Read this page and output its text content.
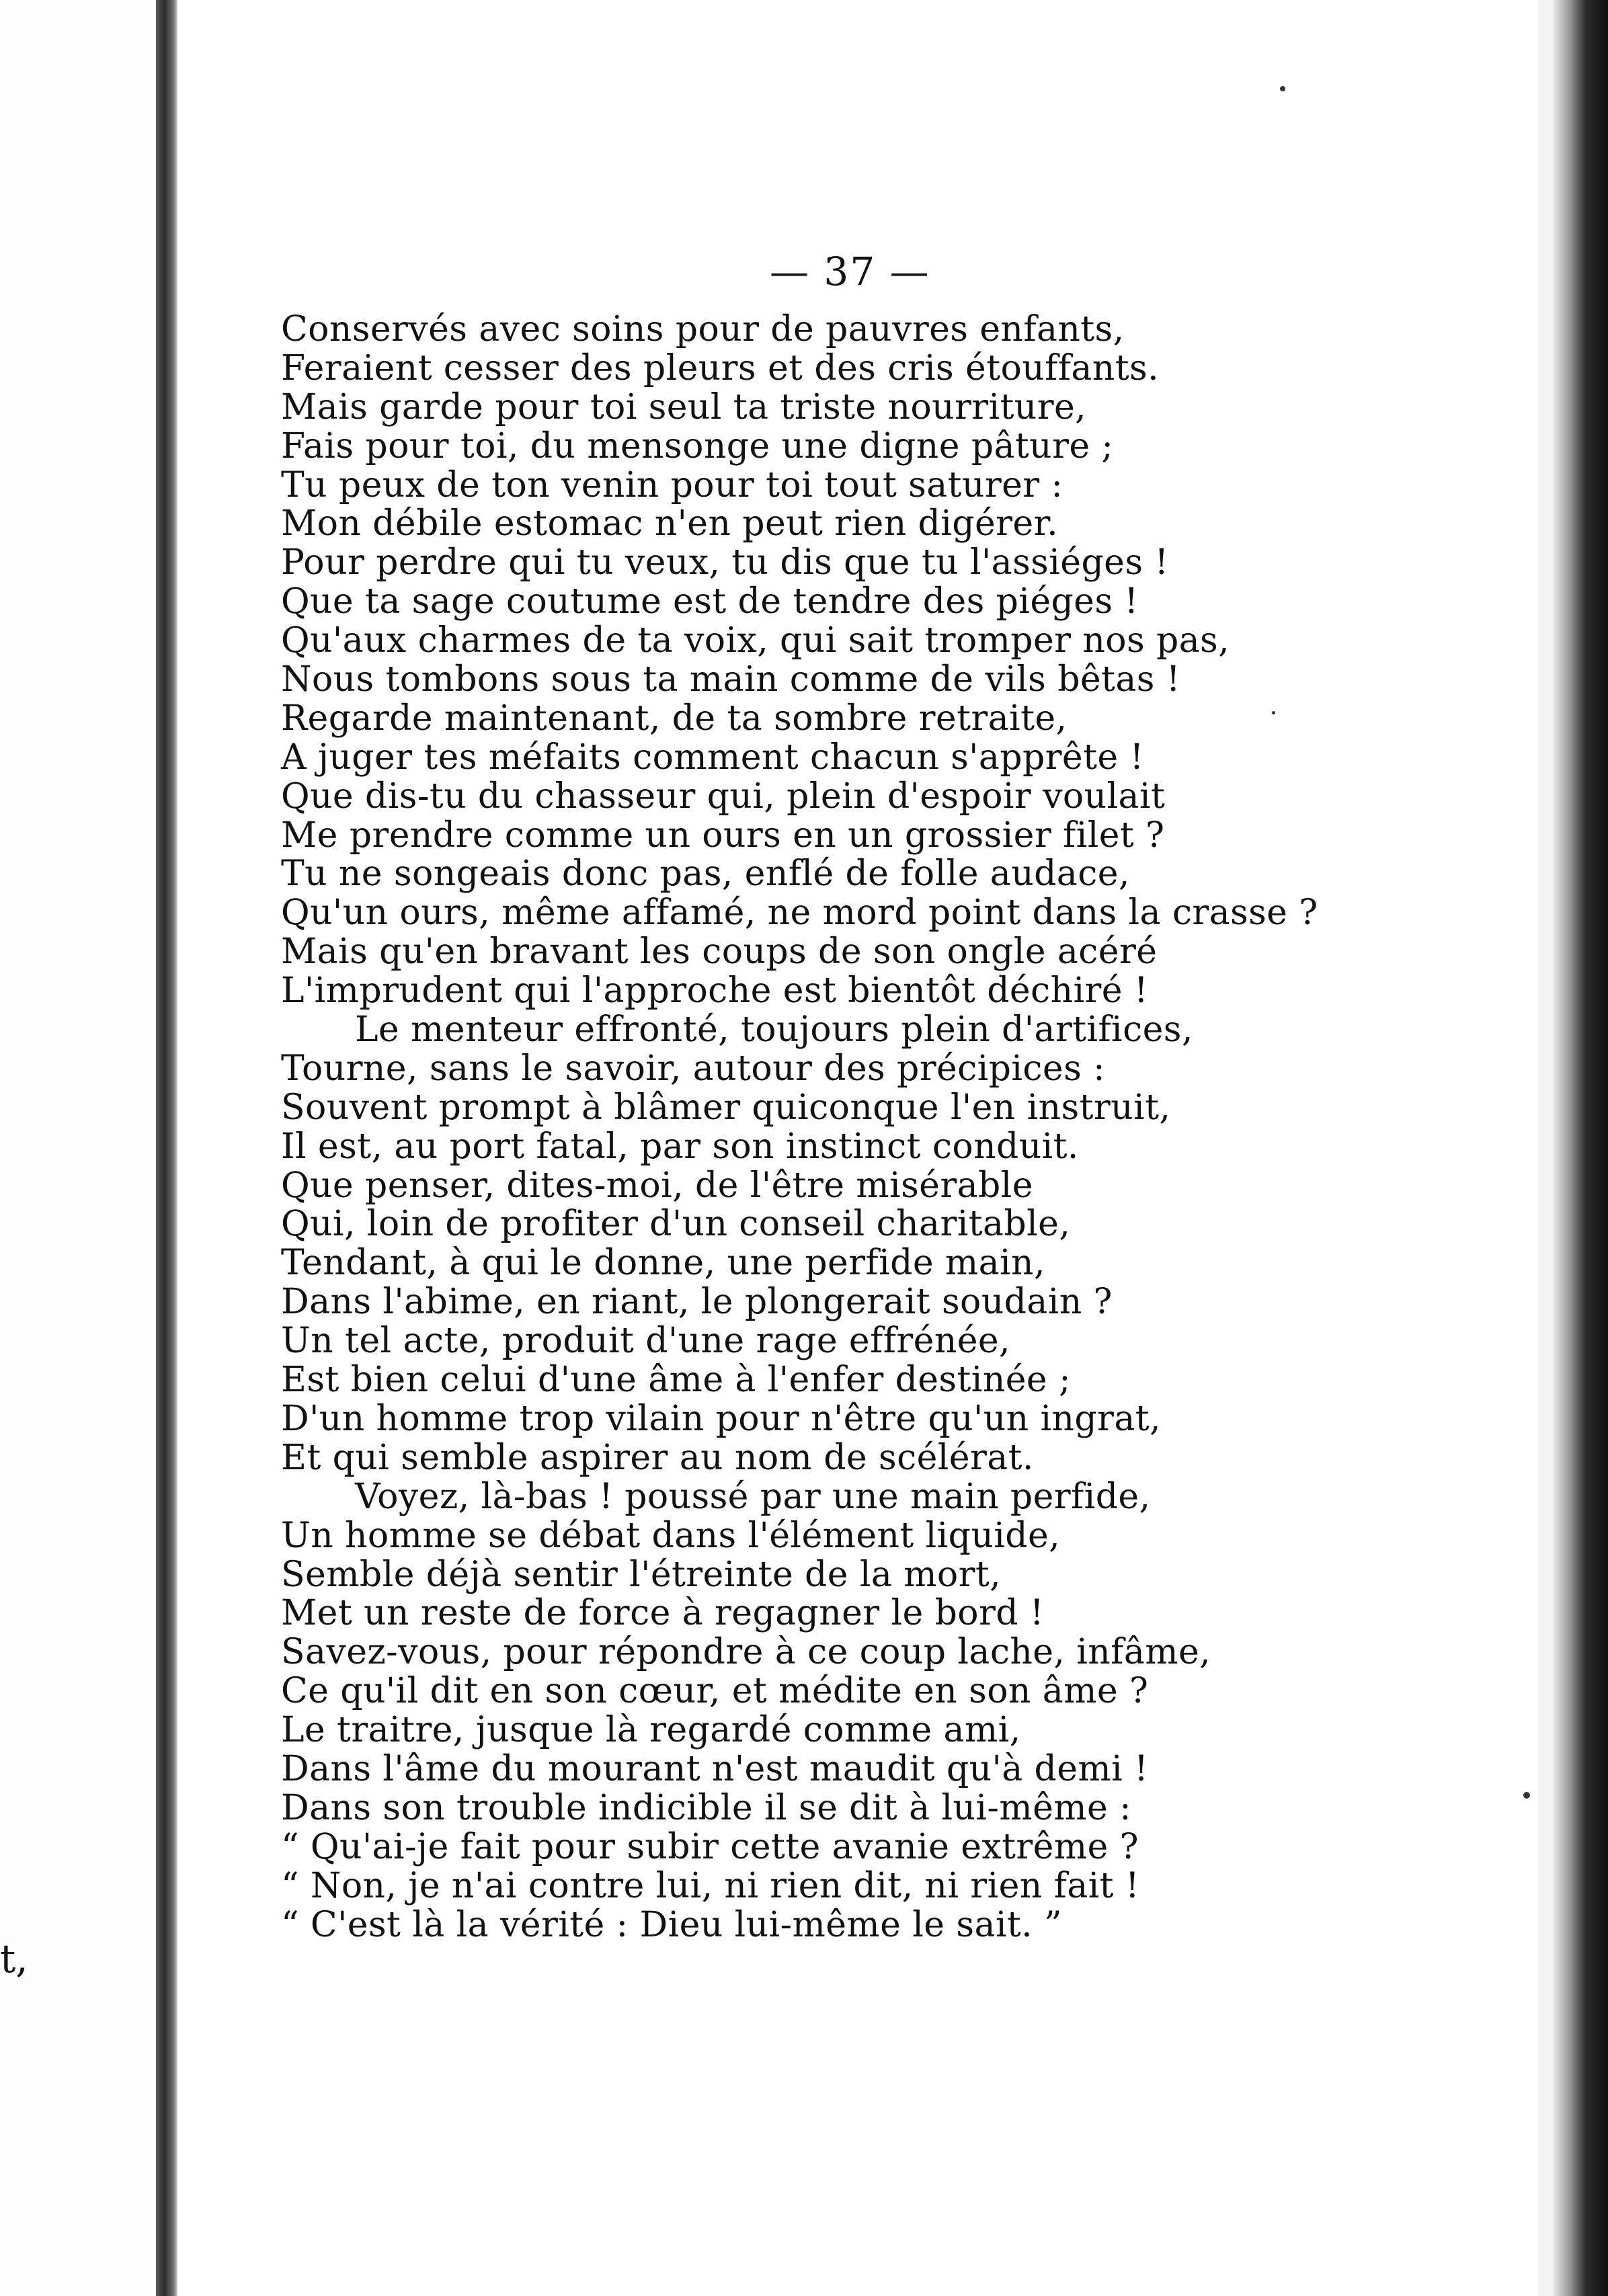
t,
— 37 —
Conservés avec soins pour de pauvres enfants,
Feraient cesser des pleurs et des cris étouffants.
Mais garde pour toi seul ta triste nourriture,
Fais pour toi, du mensonge une digne pâture ;
Tu peux de ton venin pour toi tout saturer :
Mon débile estomac n'en peut rien digérer.
Pour perdre qui tu veux, tu dis que tu l'assiéges !
Que ta sage coutume est de tendre des piéges !
Qu'aux charmes de ta voix, qui sait tromper nos pas,
Nous tombons sous ta main comme de vils bêtas !
Regarde maintenant, de ta sombre retraite,
A juger tes méfaits comment chacun s'apprête !
Que dis-tu du chasseur qui, plein d'espoir voulait
Me prendre comme un ours en un grossier filet ?
Tu ne songeais donc pas, enflé de folle audace,
Qu'un ours, même affamé, ne mord point dans la crasse ?
Mais qu'en bravant les coups de son ongle acéré
L'imprudent qui l'approche est bientôt déchiré !
Le menteur effronté, toujours plein d'artifices,
Tourne, sans le savoir, autour des précipices :
Souvent prompt à blâmer quiconque l'en instruit,
Il est, au port fatal, par son instinct conduit.
Que penser, dites-moi, de l'être misérable
Qui, loin de profiter d'un conseil charitable,
Tendant, à qui le donne, une perfide main,
Dans l'abime, en riant, le plongerait soudain ?
Un tel acte, produit d'une rage effrénée,
Est bien celui d'une âme à l'enfer destinée ;
D'un homme trop vilain pour n'être qu'un ingrat,
Et qui semble aspirer au nom de scélérat.
Voyez, là-bas ! poussé par une main perfide,
Un homme se débat dans l'élément liquide,
Semble déjà sentir l'étreinte de la mort,
Met un reste de force à regagner le bord !
Savez-vous, pour répondre à ce coup lache, infâme,
Ce qu'il dit en son cœur, et médite en son âme ?
Le traitre, jusque là regardé comme ami,
Dans l'âme du mourant n'est maudit qu'à demi !
Dans son trouble indicible il se dit à lui-même :
“ Qu'ai-je fait pour subir cette avanie extrême ?
“ Non, je n'ai contre lui, ni rien dit, ni rien fait !
“ C'est là la vérité : Dieu lui-même le sait. ”
